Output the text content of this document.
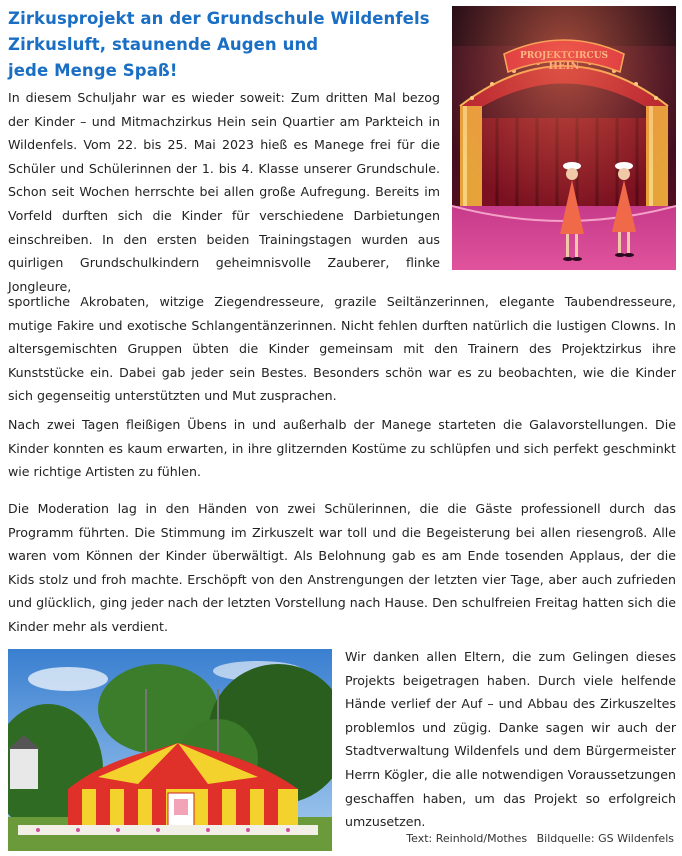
Zirkusprojekt an der Grundschule Wildenfels
Zirkusluft, staunende Augen und
jede Menge Spaß!
In diesem Schuljahr war es wieder soweit: Zum dritten Mal bezog der Kinder – und Mitmachzirkus Hein sein Quartier am Parkteich in Wildenfels. Vom 22. bis 25. Mai 2023 hieß es Manege frei für die Schüler und Schülerinnen der 1. bis 4. Klasse unserer Grundschule. Schon seit Wochen herrschte bei allen große Aufregung. Bereits im Vorfeld durften sich die Kinder für verschiedene Darbietungen einschreiben. In den ersten beiden Trainingstagen wurden aus quirligen Grundschulkindern geheimnisvolle Zauberer, flinke Jongleure,
sportliche Akrobaten, witzige Ziegendresseure, grazile Seiltänzerinnen, elegante Taubendresseure, mutige Fakire und exotische Schlangentänzerinnen. Nicht fehlen durften natürlich die lustigen Clowns. In altersgemischten Gruppen übten die Kinder gemeinsam mit den Trainern des Projektzirkus ihre Kunststücke ein. Dabei gab jeder sein Bestes. Besonders schön war es zu beobachten, wie die Kinder sich gegenseitig unterstützten und Mut zusprachen.
Nach zwei Tagen fleißigen Übens in und außerhalb der Manege starteten die Galavorstellungen. Die Kinder konnten es kaum erwarten, in ihre glitzernden Kostüme zu schlüpfen und sich perfekt geschminkt wie richtige Artisten zu fühlen.
Die Moderation lag in den Händen von zwei Schülerinnen, die die Gäste professionell durch das Programm führten. Die Stimmung im Zirkuszelt war toll und die Begeisterung bei allen riesengroß. Alle waren vom Können der Kinder überwältigt. Als Belohnung gab es am Ende tosenden Applaus, der die Kids stolz und froh machte. Erschöpft von den Anstrengungen der letzten vier Tage, aber auch zufrieden und glücklich, ging jeder nach der letzten Vorstellung nach Hause. Den schulfreien Freitag hatten sich die Kinder mehr als verdient.
Wir danken allen Eltern, die zum Gelingen dieses Projekts beigetragen haben. Durch viele helfende Hände verlief der Auf – und Abbau des Zirkuszeltes problemlos und zügig. Danke sagen wir auch der Stadtverwaltung Wildenfels und dem Bürgermeister Herrn Kögler, die alle notwendigen Voraussetzungen geschaffen haben, um das Projekt so erfolgreich umzusetzen.
Text: Reinhold/Mothes Bildquelle: GS Wildenfels
